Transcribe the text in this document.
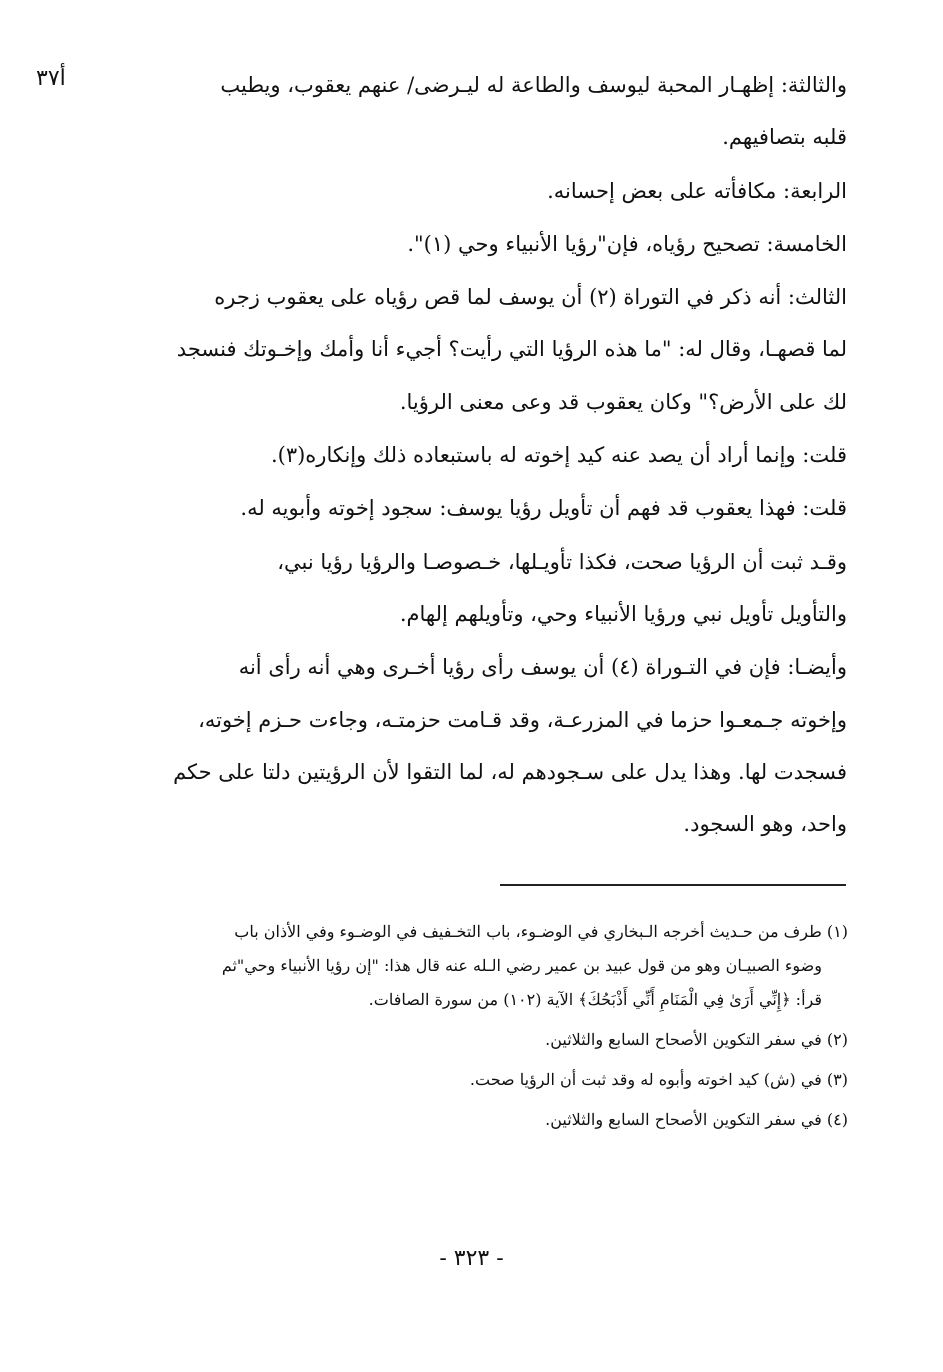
أ٣٧	والثالثة: إظهـار المحبة ليوسف والطاعة له ليـرضى/ عنهم يعقوب، ويطيب

قلبه بتصافيهم.

الرابعة: مكافأته على بعض إحسانه.

الخامسة: تصحيح رؤياه، فإن"رؤيا الأنبياء وحي (١)".

الثالث: أنه ذكر في التوراة (٢) أن يوسف لما قص رؤياه على يعقوب زجره

لما قصهـا، وقال له: "ما هذه الرؤيا التي رأيت؟ أجيء أنا وأمك وإخـوتك فنسجد

لك على الأرض؟" وكان يعقوب قد وعى معنى الرؤيا.

قلت: وإنما أراد أن يصد عنه كيد إخوته له باستبعاده ذلك وإنكاره(٣).

قلت: فهذا يعقوب قد فهم أن تأويل رؤيا يوسف: سجود إخوته وأبويه له.

وقـد ثبت أن الرؤيا صحت، فكذا تأويـلها، خـصوصـا والرؤيا رؤيا نبي،

والتأويل تأويل نبي ورؤيا الأنبياء وحي، وتأويلهم إلهام.

وأيضـا: فإن في التـوراة (٤) أن يوسف رأى رؤيا أخـرى وهي أنه رأى أنه

وإخوته جـمعـوا حزما في المزرعـة، وقد قـامت حزمتـه، وجاءت حـزم إخوته،

فسجدت لها. وهذا يدل على سـجودهم له، لما التقوا لأن الرؤيتين دلتا على حكم

واحد، وهو السجود.

(١) طرف من حـديث أخرجه الـبخاري في الوضـوء، باب التخـفيف في الوضـوء وفي الأذان باب

وضوء الصبيـان وهو من قول عبيد بن عمير رضي الـله عنه قال هذا: "إن رؤيا الأنبياء وحي"ثم

قرأ: ﴿إِنِّي أَرَىٰ فِي الْمَنَامِ أَنِّي أَذْبَحُكَ﴾ الآية (١٠٢) من سورة الصافات.

(٢) في سفر التكوين الأصحاح السابع والثلاثين.

(٣) في (ش) كيد اخوته وأبوه له وقد ثبت أن الرؤيا صحت.

(٤) في سفر التكوين الأصحاح السابع والثلاثين.

- ٣٢٣ -
